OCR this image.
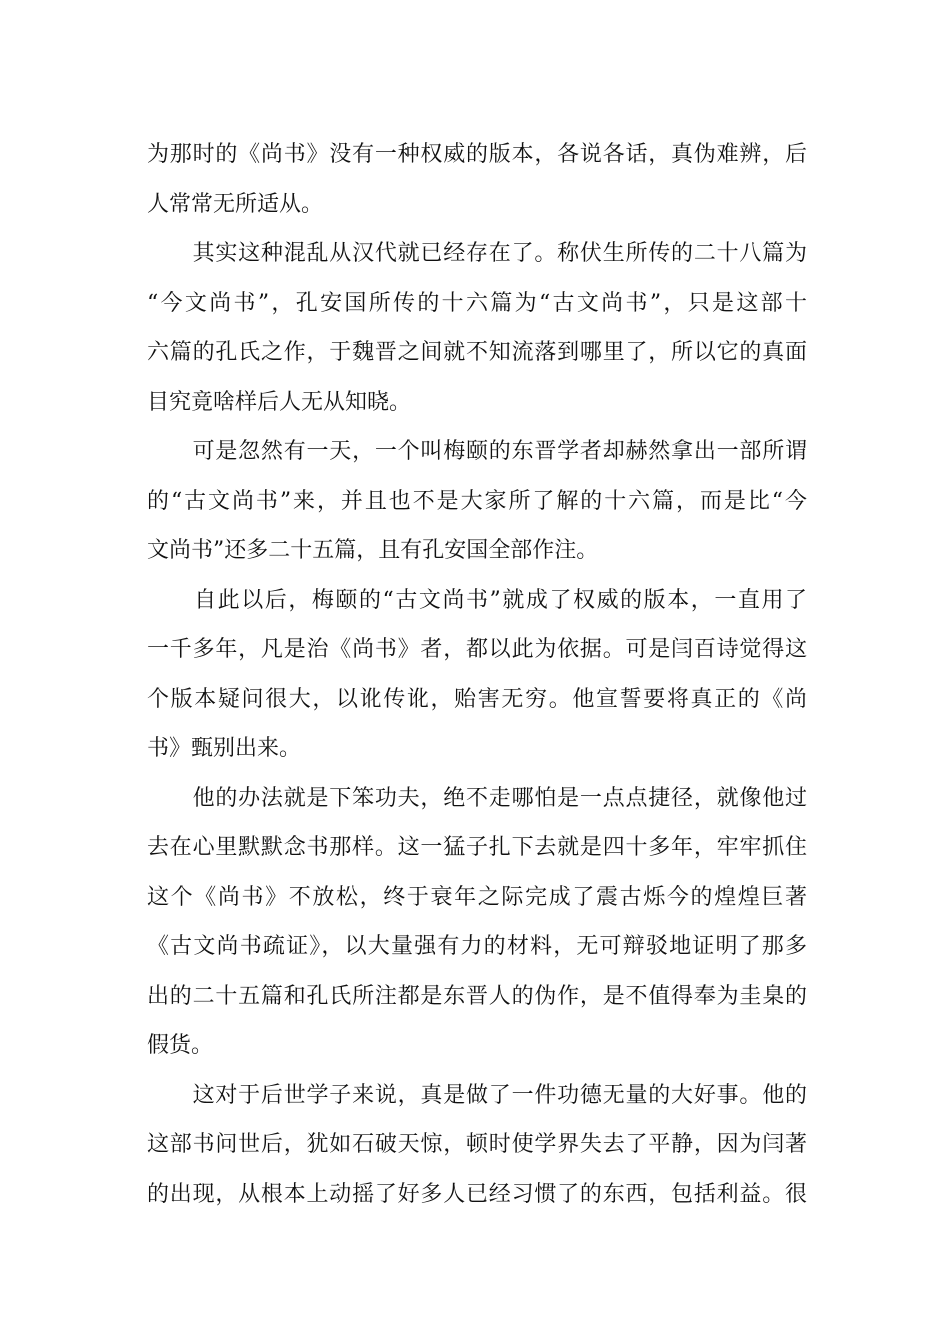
为那时的《尚书》没有一种权威的版本，各说各话，真伪难辨，后
人常常无所适从。
　　其实这种混乱从汉代就已经存在了。称伏生所传的二十八篇为
“今文尚书”，孔安国所传的十六篇为“古文尚书”，只是这部十
六篇的孔氏之作，于魏晋之间就不知流落到哪里了，所以它的真面
目究竟啥样后人无从知晓。
　　可是忽然有一天，一个叫梅颐的东晋学者却赫然拿出一部所谓
的“古文尚书”来，并且也不是大家所了解的十六篇，而是比“今
文尚书”还多二十五篇，且有孔安国全部作注。
　　自此以后，梅颐的“古文尚书”就成了权威的版本，一直用了
一千多年，凡是治《尚书》者，都以此为依据。可是闫百诗觉得这
个版本疑问很大，以讹传讹，贻害无穷。他宣誓要将真正的《尚
书》甄别出来。
　　他的办法就是下笨功夫，绝不走哪怕是一点点捷径，就像他过
去在心里默默念书那样。这一猛子扎下去就是四十多年，牢牢抓住
这个《尚书》不放松，终于衰年之际完成了震古烁今的煌煌巨著
《古文尚书疏证》，以大量强有力的材料，无可辩驳地证明了那多
出的二十五篇和孔氏所注都是东晋人的伪作，是不值得奉为圭臬的
假货。
　　这对于后世学子来说，真是做了一件功德无量的大好事。他的
这部书问世后，犹如石破天惊，顿时使学界失去了平静，因为闫著
的出现，从根本上动摇了好多人已经习惯了的东西，包括利益。很
